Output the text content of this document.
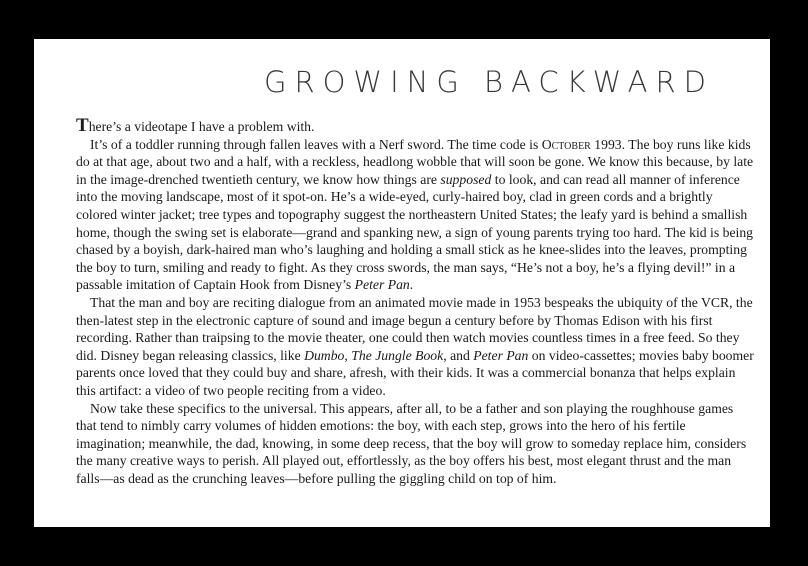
GROWING BACKWARD

There’s a videotape I have a problem with.

It’s of a toddler running through fallen leaves with a Nerf sword. The time code is October 1993. The boy runs like kids do at that age, about two and a half, with a reckless, headlong wobble that will soon be gone. We know this because, by late in the image-drenched twentieth century, we know how things are supposed to look, and can read all manner of inference into the moving landscape, most of it spot-on. He’s a wide-eyed, curly-haired boy, clad in green cords and a brightly colored winter jacket; tree types and topography suggest the northeastern United States; the leafy yard is behind a smallish home, though the swing set is elaborate—grand and spanking new, a sign of young parents trying too hard. The kid is being chased by a boyish, dark-haired man who’s laughing and holding a small stick as he knee-slides into the leaves, prompting the boy to turn, smiling and ready to fight. As they cross swords, the man says, “He’s not a boy, he’s a flying devil!” in a passable imitation of Captain Hook from Disney’s Peter Pan.

That the man and boy are reciting dialogue from an animated movie made in 1953 bespeaks the ubiquity of the VCR, the then-latest step in the electronic capture of sound and image begun a century before by Thomas Edison with his first recording. Rather than traipsing to the movie theater, one could then watch movies countless times in a free feed. So they did. Disney began releasing classics, like Dumbo, The Jungle Book, and Peter Pan on video-cassettes; movies baby boomer parents once loved that they could buy and share, afresh, with their kids. It was a commercial bonanza that helps explain this artifact: a video of two people reciting from a video.

Now take these specifics to the universal. This appears, after all, to be a father and son playing the roughhouse games that tend to nimbly carry volumes of hidden emotions: the boy, with each step, grows into the hero of his fertile imagination; meanwhile, the dad, knowing, in some deep recess, that the boy will grow to someday replace him, considers the many creative ways to perish. All played out, effortlessly, as the boy offers his best, most elegant thrust and the man falls—as dead as the crunching leaves—before pulling the giggling child on top of him.
